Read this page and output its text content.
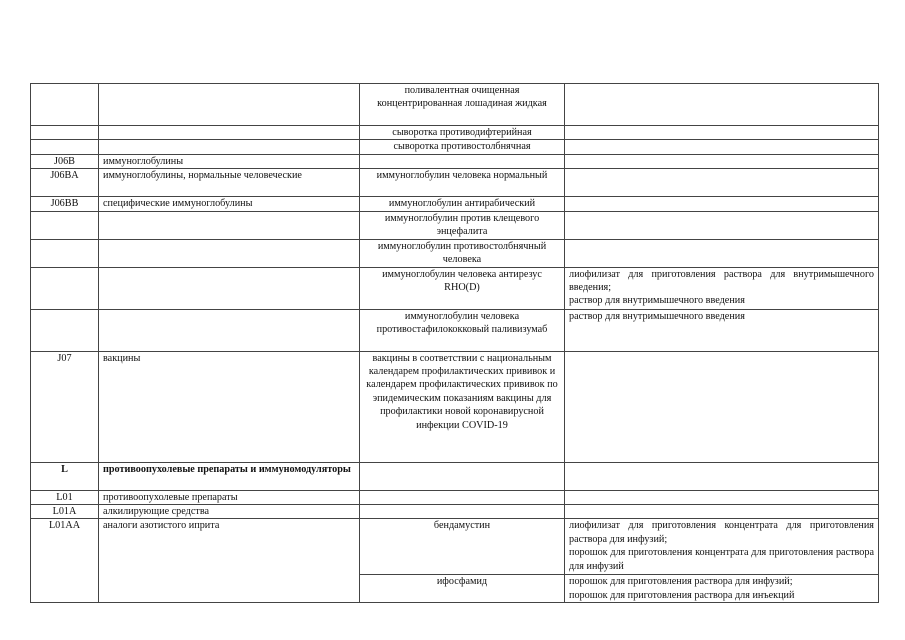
		поливалентная очищенная концентрированная лошадиная жидкая	
		сыворотка противодифтерийная	
		сыворотка противостолбнячная	
J06B	иммуноглобулины		
J06BA	иммуноглобулины, нормальные человеческие	иммуноглобулин человека нормальный	
J06BB	специфические иммуноглобулины	иммуноглобулин антирабический	
		иммуноглобулин против клещевого энцефалита	
		иммуноглобулин противостолбнячный человека	
		иммуноглобулин человека антирезус RHO(D)	лиофилизат для приготовления раствора для внутримышечного введения;
раствор для внутримышечного введения

		иммуноглобулин человека противостафилококковый паливизумаб	раствор для внутримышечного введения

J07	вакцины	вакцины в соответствии с национальным календарем профилактических прививок и календарем профилактических прививок по эпидемическим показаниям вакцины для профилактики новой коронавирусной инфекции COVID-19	
L	противоопухолевые препараты и иммуномодуляторы		
L01	противоопухолевые препараты		
L01A	алкилирующие средства		
L01AA	аналоги азотистого иприта	бендамустин	лиофилизат для приготовления концентрата для приготовления раствора для инфузий;
порошок для приготовления концентрата для приготовления раствора для инфузий

		ифосфамид	порошок для приготовления раствора для инфузий;
порошок для приготовления раствора для инъекций
